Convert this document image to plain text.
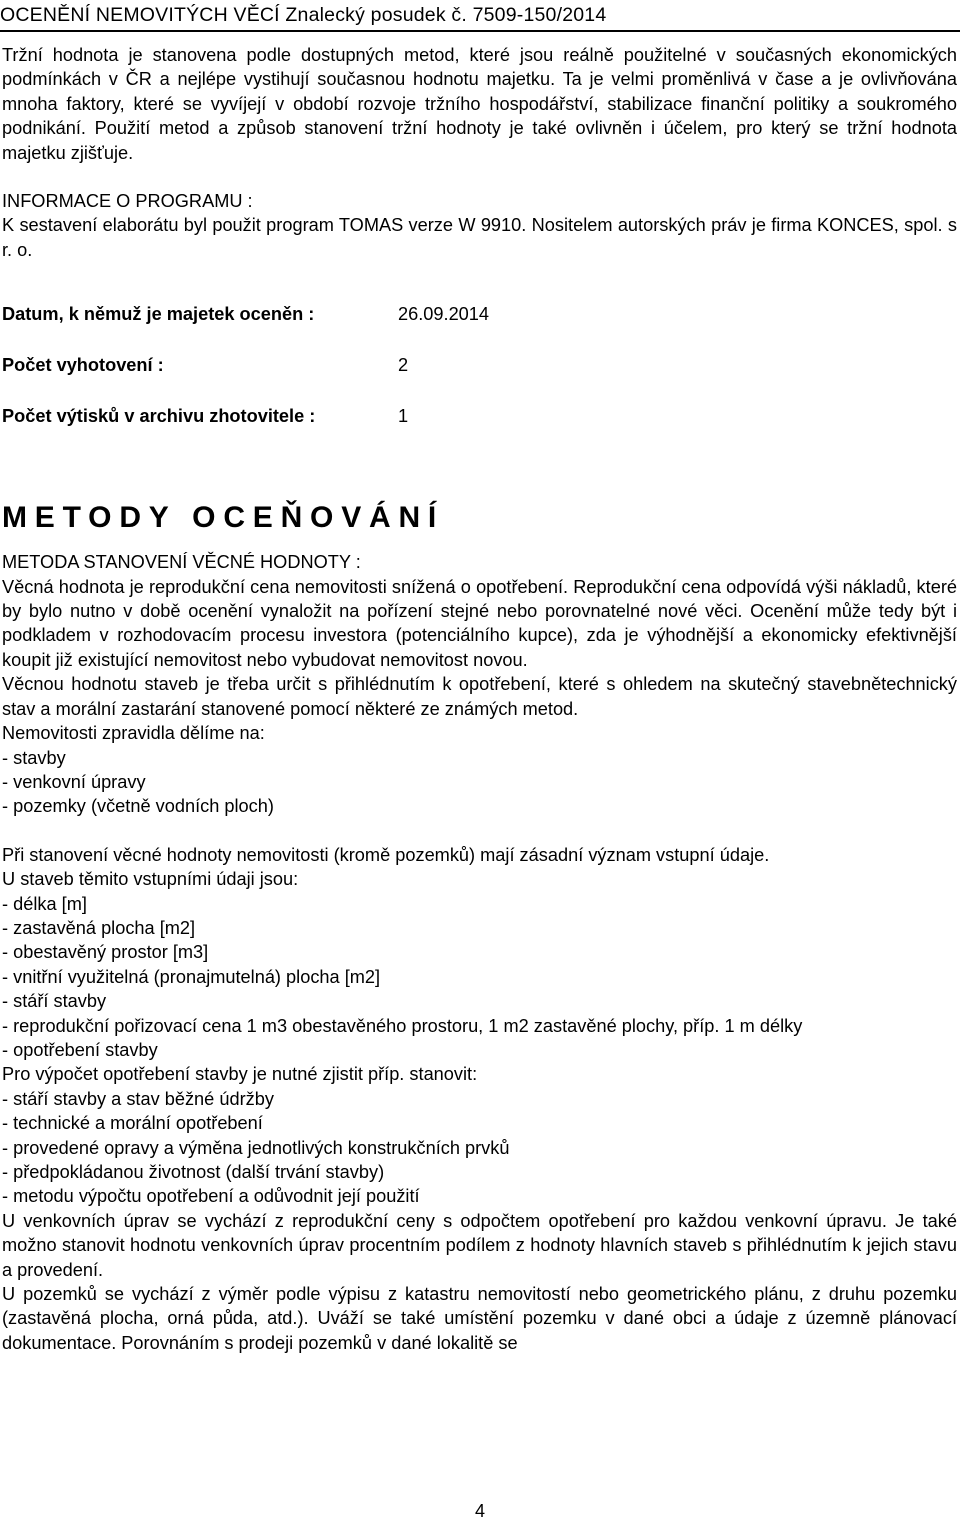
OCENĚNÍ NEMOVITÝCH VĚCÍ Znalecký posudek č. 7509-150/2014

Tržní hodnota je stanovena podle dostupných metod, které jsou reálně použitelné v současných ekonomických podmínkách v ČR a nejlépe vystihují současnou hodnotu majetku. Ta je velmi proměnlivá v čase a je ovlivňována mnoha faktory, které se vyvíjejí v období rozvoje tržního hospodářství, stabilizace finanční politiky a soukromého podnikání. Použití metod a způsob stanovení tržní hodnoty je také ovlivněn i účelem, pro který se tržní hodnota majetku zjišťuje.

INFORMACE O PROGRAMU :

K sestavení elaborátu byl použit program TOMAS verze W 9910. Nositelem autorských práv je firma KONCES, spol. s r. o.

Datum, k němuž je majetek oceněn :	26.09.2014
Počet vyhotovení :	2
Počet výtisků v archivu zhotovitele :	1
METODY OCEŇOVÁNÍ
METODA STANOVENÍ VĚCNÉ HODNOTY :

Věcná hodnota je reprodukční cena nemovitosti snížená o opotřebení. Reprodukční cena odpovídá výši nákladů, které by bylo nutno v době ocenění vynaložit na pořízení stejné nebo porovnatelné nové věci. Ocenění může tedy být i podkladem v rozhodovacím procesu investora (potenciálního kupce), zda je výhodnější a ekonomicky efektivnější koupit již existující nemovitost nebo vybudovat nemovitost novou.

Věcnou hodnotu staveb je třeba určit s přihlédnutím k opotřebení, které s ohledem na skutečný stavebnětechnický stav a morální zastarání stanovené pomocí některé ze známých metod.

Nemovitosti zpravidla dělíme na:

- stavby
- venkovní úpravy
- pozemky (včetně vodních ploch)

Při stanovení věcné hodnoty nemovitosti (kromě pozemků) mají zásadní význam vstupní údaje.

U staveb těmito vstupními údaji jsou:

- délka [m]
- zastavěná plocha [m2]
- obestavěný prostor [m3]
- vnitřní využitelná (pronajmutelná) plocha [m2]
- stáří stavby

- reprodukční pořizovací cena 1 m3 obestavěného prostoru, 1 m2 zastavěné plochy, příp. 1 m délky

- opotřebení stavby

Pro výpočet opotřebení stavby je nutné zjistit příp. stanovit:

- stáří stavby a stav běžné údržby
- technické a morální opotřebení
- provedené opravy a výměna jednotlivých konstrukčních prvků
- předpokládanou životnost (další trvání stavby)
- metodu výpočtu opotřebení a odůvodnit její použití

U venkovních úprav se vychází z reprodukční ceny s odpočtem opotřebení pro každou venkovní úpravu. Je také možno stanovit hodnotu venkovních úprav procentním podílem z hodnoty hlavních staveb s přihlédnutím k jejich stavu a provedení.

U pozemků se vychází z výměr podle výpisu z katastru nemovitostí nebo geometrického plánu, z druhu pozemku (zastavěná plocha, orná půda, atd.). Uváží se také umístění pozemku v dané obci a údaje z územně plánovací dokumentace. Porovnáním s prodeji pozemků v dané lokalitě se

4
